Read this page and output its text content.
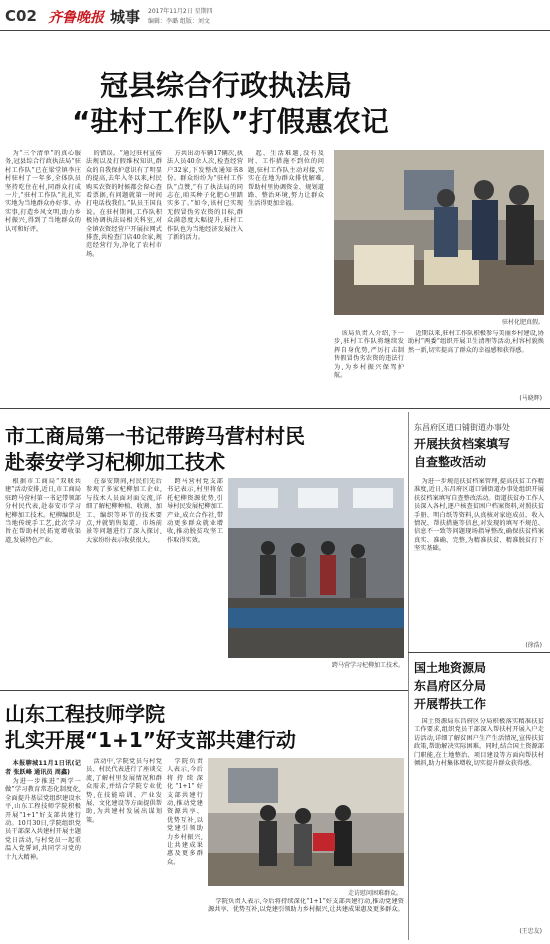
C02 齐鲁晚报 城事 2017年11月2日 星期四
编辑：李璐 组版：刘文
冠县综合行政执法局
“驻村工作队”打假惠农记

为“三个清单”的真心服务,冠县综合行政执法局“驻村工作队”已在梁堂镇李庄村驻村了一年多,全体队员坚持吃住在村,同群众打成一片,“驻村工作队”扎扎实实地为当地群众办好事、办实事,打造乡风文明,助力乡村振兴,得到了当地群众的认可和好评。

的错误。“通过驻村宣传法规以及打假维权知识,群众的自我保护意识有了明显的提高,去年入冬以来,村民购买农资的时候都会留心查看票据,有问题就第一时间打电话找我们。”队员王国良说。在驻村期间,工作队积极协调执法局相关科室,对全镇农资经营户开展拉网式排查,共检查门店40余家,规范经营行为,净化了农村市场。

方共出动车辆17辆次,执法人员40余人次,检查经营户32家,下发整改通知书8份。群众纷纷为“驻村工作队”点赞,“有了执法局的同志在,咱买种子化肥心里踏实多了。”如今,该村已实现无假冒伪劣农资的目标,群众满意度大幅提升,驻村工作队也为当地经济发展注入了新的活力。

起、生活难题,没有及时、工作措施不到位的问题,驻村工作队主动对接,实实在在地为群众排忧解难,帮助村里协调资金、规划道路、整治环境,努力让群众生活得更加幸福。

该局负责人介绍,下一步,驻村工作队将继续发挥自身优势,严厉打击制售假冒伪劣农资的违法行为,为乡村振兴保驾护航。

近期以来,驻村工作队积极参与美丽乡村建设,协助村“两委”组织开展卫生清理等活动,村容村貌焕然一新,切实提高了群众的幸福感和获得感。

(马晓辉)
驻村化肥真假。
市工商局第一书记带跨马营村村民
赴泰安学习杞柳加工技术

根据市工商局“双联共建”活动安排,近日,市工商局驻跨马营村第一书记带领部分村民代表,赴泰安市学习杞柳加工技术。杞柳编织是当地传统手工艺,此次学习旨在帮助村民拓宽增收渠道,发展特色产业。

在泰安期间,村民们先后参观了多家杞柳加工企业,与技术人员面对面交流,详细了解杞柳种植、收割、加工、编织等环节的技术要点,并就销售渠道、市场前景等问题进行了深入探讨,大家纷纷表示收获很大。

跨马营村党支部书记表示,村里将依托杞柳资源优势,引导村民发展杞柳加工产业,成立合作社,带动更多群众就业增收,推动脱贫攻坚工作取得实效。

跨马营学习杞柳加工技术。
东昌府区道口铺街道办事处
开展扶贫档案填写
自查整改活动

为进一步规范扶贫档案管理,提高扶贫工作精准度,近日,东昌府区道口铺街道办事处组织开展扶贫档案填写自查整改活动。街道扶贫办工作人员深入各村,逐户核查贫困户档案资料,对照扶贫手册、明白纸等资料,认真核对家庭成员、收入情况、帮扶措施等信息,对发现的填写不规范、信息不一致等问题现场指导整改,确保扶贫档案真实、准确、完整,为精准扶贫、精准脱贫打下坚实基础。

(徐浩)
山东工程技师学院
扎实开展“1+1”好支部共建行动

本报聊城11月1日讯(记者 张跃峰 通讯员 周鑫)

为进一步推进“两学一做”学习教育常态化制度化,全面提升基层党组织建设水平,山东工程技师学院积极开展“1+1”好支部共建行动。10月30日,学院组织党员干部深入共建村开展主题党日活动,与村党员一起重温入党誓词,共同学习党的十九大精神。

活动中,学院党员与村党员、村民代表进行了座谈交流,了解村里发展情况和群众需求,并结合学院专业优势,在技能培训、产业发展、文化建设等方面提供帮助,为共建村发展出谋划策。

学院负责人表示,今后将持续深化“1+1”好支部共建行动,推动党建资源共享、优势互补,以党建引领助力乡村振兴,让共建成果惠及更多群众。

走访慰问困难群众。

学院负责人表示,今后将持续深化“1+1”好支部共建行动,推动党建资源共享、优势互补,以党建引领助力乡村振兴,让共建成果惠及更多群众。

国土地资源局
东昌府区分局
开展帮扶工作

国土资源局东昌府区分局积极落实精准扶贫工作要求,组织党员干部深入帮扶村开展入户走访活动,详细了解贫困户生产生活情况,宣传扶贫政策,帮助解决实际困难。同时,结合国土资源部门职能,在土地整治、项目建设等方面向帮扶村倾斜,助力村集体增收,切实提升群众获得感。

(王忠友)
